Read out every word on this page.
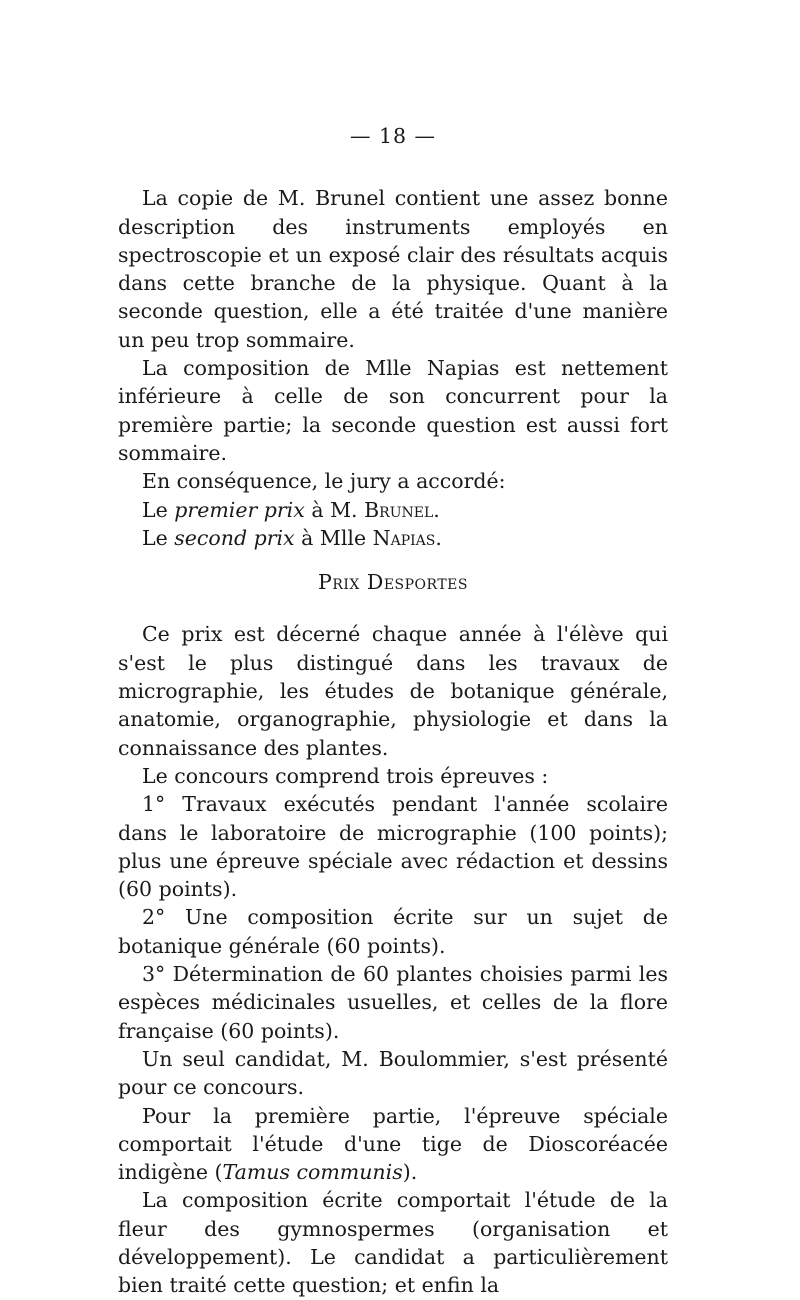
— 18 —

La copie de M. Brunel contient une assez bonne description des instruments employés en spectroscopie et un exposé clair des résultats acquis dans cette branche de la physique. Quant à la seconde question, elle a été traitée d'une manière un peu trop sommaire.

La composition de Mlle Napias est nettement inférieure à celle de son concurrent pour la première partie; la seconde question est aussi fort sommaire.

En conséquence, le jury a accordé:

Le premier prix à M. Brunel.

Le second prix à Mlle Napias.

Prix Desportes

Ce prix est décerné chaque année à l'élève qui s'est le plus distingué dans les travaux de micrographie, les études de botanique générale, anatomie, organographie, physiologie et dans la connaissance des plantes.

Le concours comprend trois épreuves :

1° Travaux exécutés pendant l'année scolaire dans le laboratoire de micrographie (100 points); plus une épreuve spéciale avec rédaction et dessins (60 points).

2° Une composition écrite sur un sujet de botanique générale (60 points).

3° Détermination de 60 plantes choisies parmi les espèces médicinales usuelles, et celles de la flore française (60 points).

Un seul candidat, M. Boulommier, s'est présenté pour ce concours.

Pour la première partie, l'épreuve spéciale comportait l'étude d'une tige de Dioscoréacée indigène (Tamus communis).

La composition écrite comportait l'étude de la fleur des gymnospermes (organisation et développement). Le candidat a particulièrement bien traité cette question; et enfin la
